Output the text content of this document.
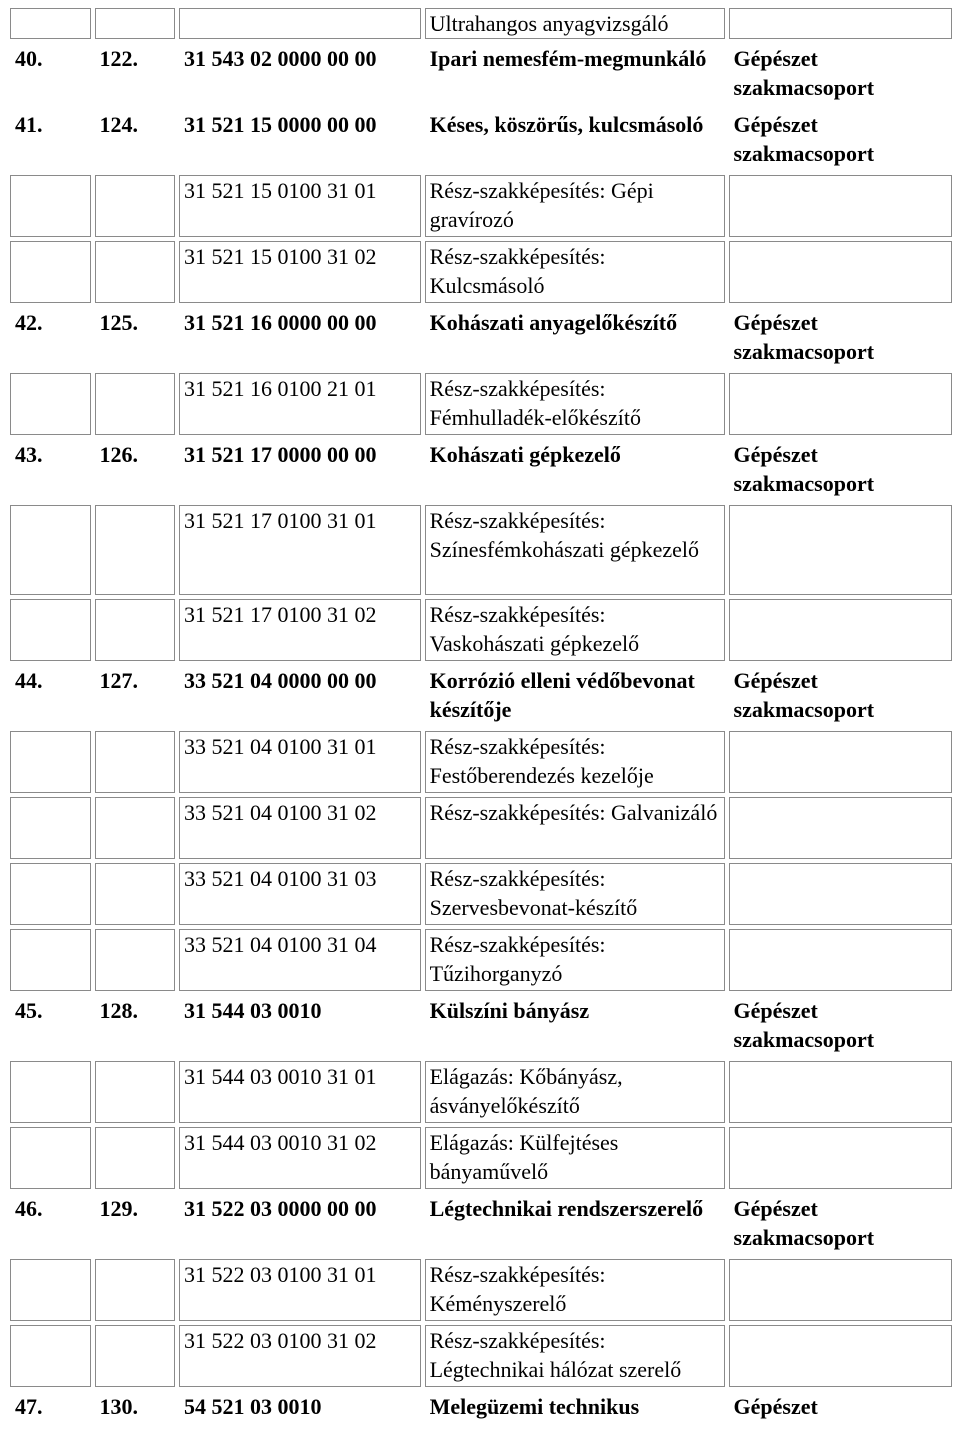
			Ultrahangos anyagvizsgáló	
40.	122.	31 543 02 0000 00 00	Ipari nemesfém-megmunkáló	Gépészet szakmacsoport
41.	124.	31 521 15 0000 00 00	Késes, köszörűs, kulcsmásoló	Gépészet szakmacsoport
		31 521 15 0100 31 01	Rész-szakképesítés: Gépi gravírozó	
		31 521 15 0100 31 02	Rész-szakképesítés: Kulcsmásoló	
42.	125.	31 521 16 0000 00 00	Kohászati anyagelőkészítő	Gépészet szakmacsoport
		31 521 16 0100 21 01	Rész-szakképesítés: Fémhulladék-előkészítő	
43.	126.	31 521 17 0000 00 00	Kohászati gépkezelő	Gépészet szakmacsoport
		31 521 17 0100 31 01	Rész-szakképesítés: Színesfémkohászati gépkezelő	
		31 521 17 0100 31 02	Rész-szakképesítés: Vaskohászati gépkezelő	
44.	127.	33 521 04 0000 00 00	Korrózió elleni védőbevonat készítője	Gépészet szakmacsoport
		33 521 04 0100 31 01	Rész-szakképesítés: Festőberendezés kezelője	
		33 521 04 0100 31 02	Rész-szakképesítés: Galvanizáló	
		33 521 04 0100 31 03	Rész-szakképesítés: Szervesbevonat-készítő	
		33 521 04 0100 31 04	Rész-szakképesítés: Tűzihorganyzó	
45.	128.	31 544 03 0010	Külszíni bányász	Gépészet szakmacsoport
		31 544 03 0010 31 01	Elágazás: Kőbányász, ásványelőkészítő	
		31 544 03 0010 31 02	Elágazás: Külfejtéses bányaművelő	
46.	129.	31 522 03 0000 00 00	Légtechnikai rendszerszerelő	Gépészet szakmacsoport
		31 522 03 0100 31 01	Rész-szakképesítés: Kéményszerelő	
		31 522 03 0100 31 02	Rész-szakképesítés: Légtechnikai hálózat szerelő	
47.	130.	54 521 03 0010	Melegüzemi technikus	Gépészet
